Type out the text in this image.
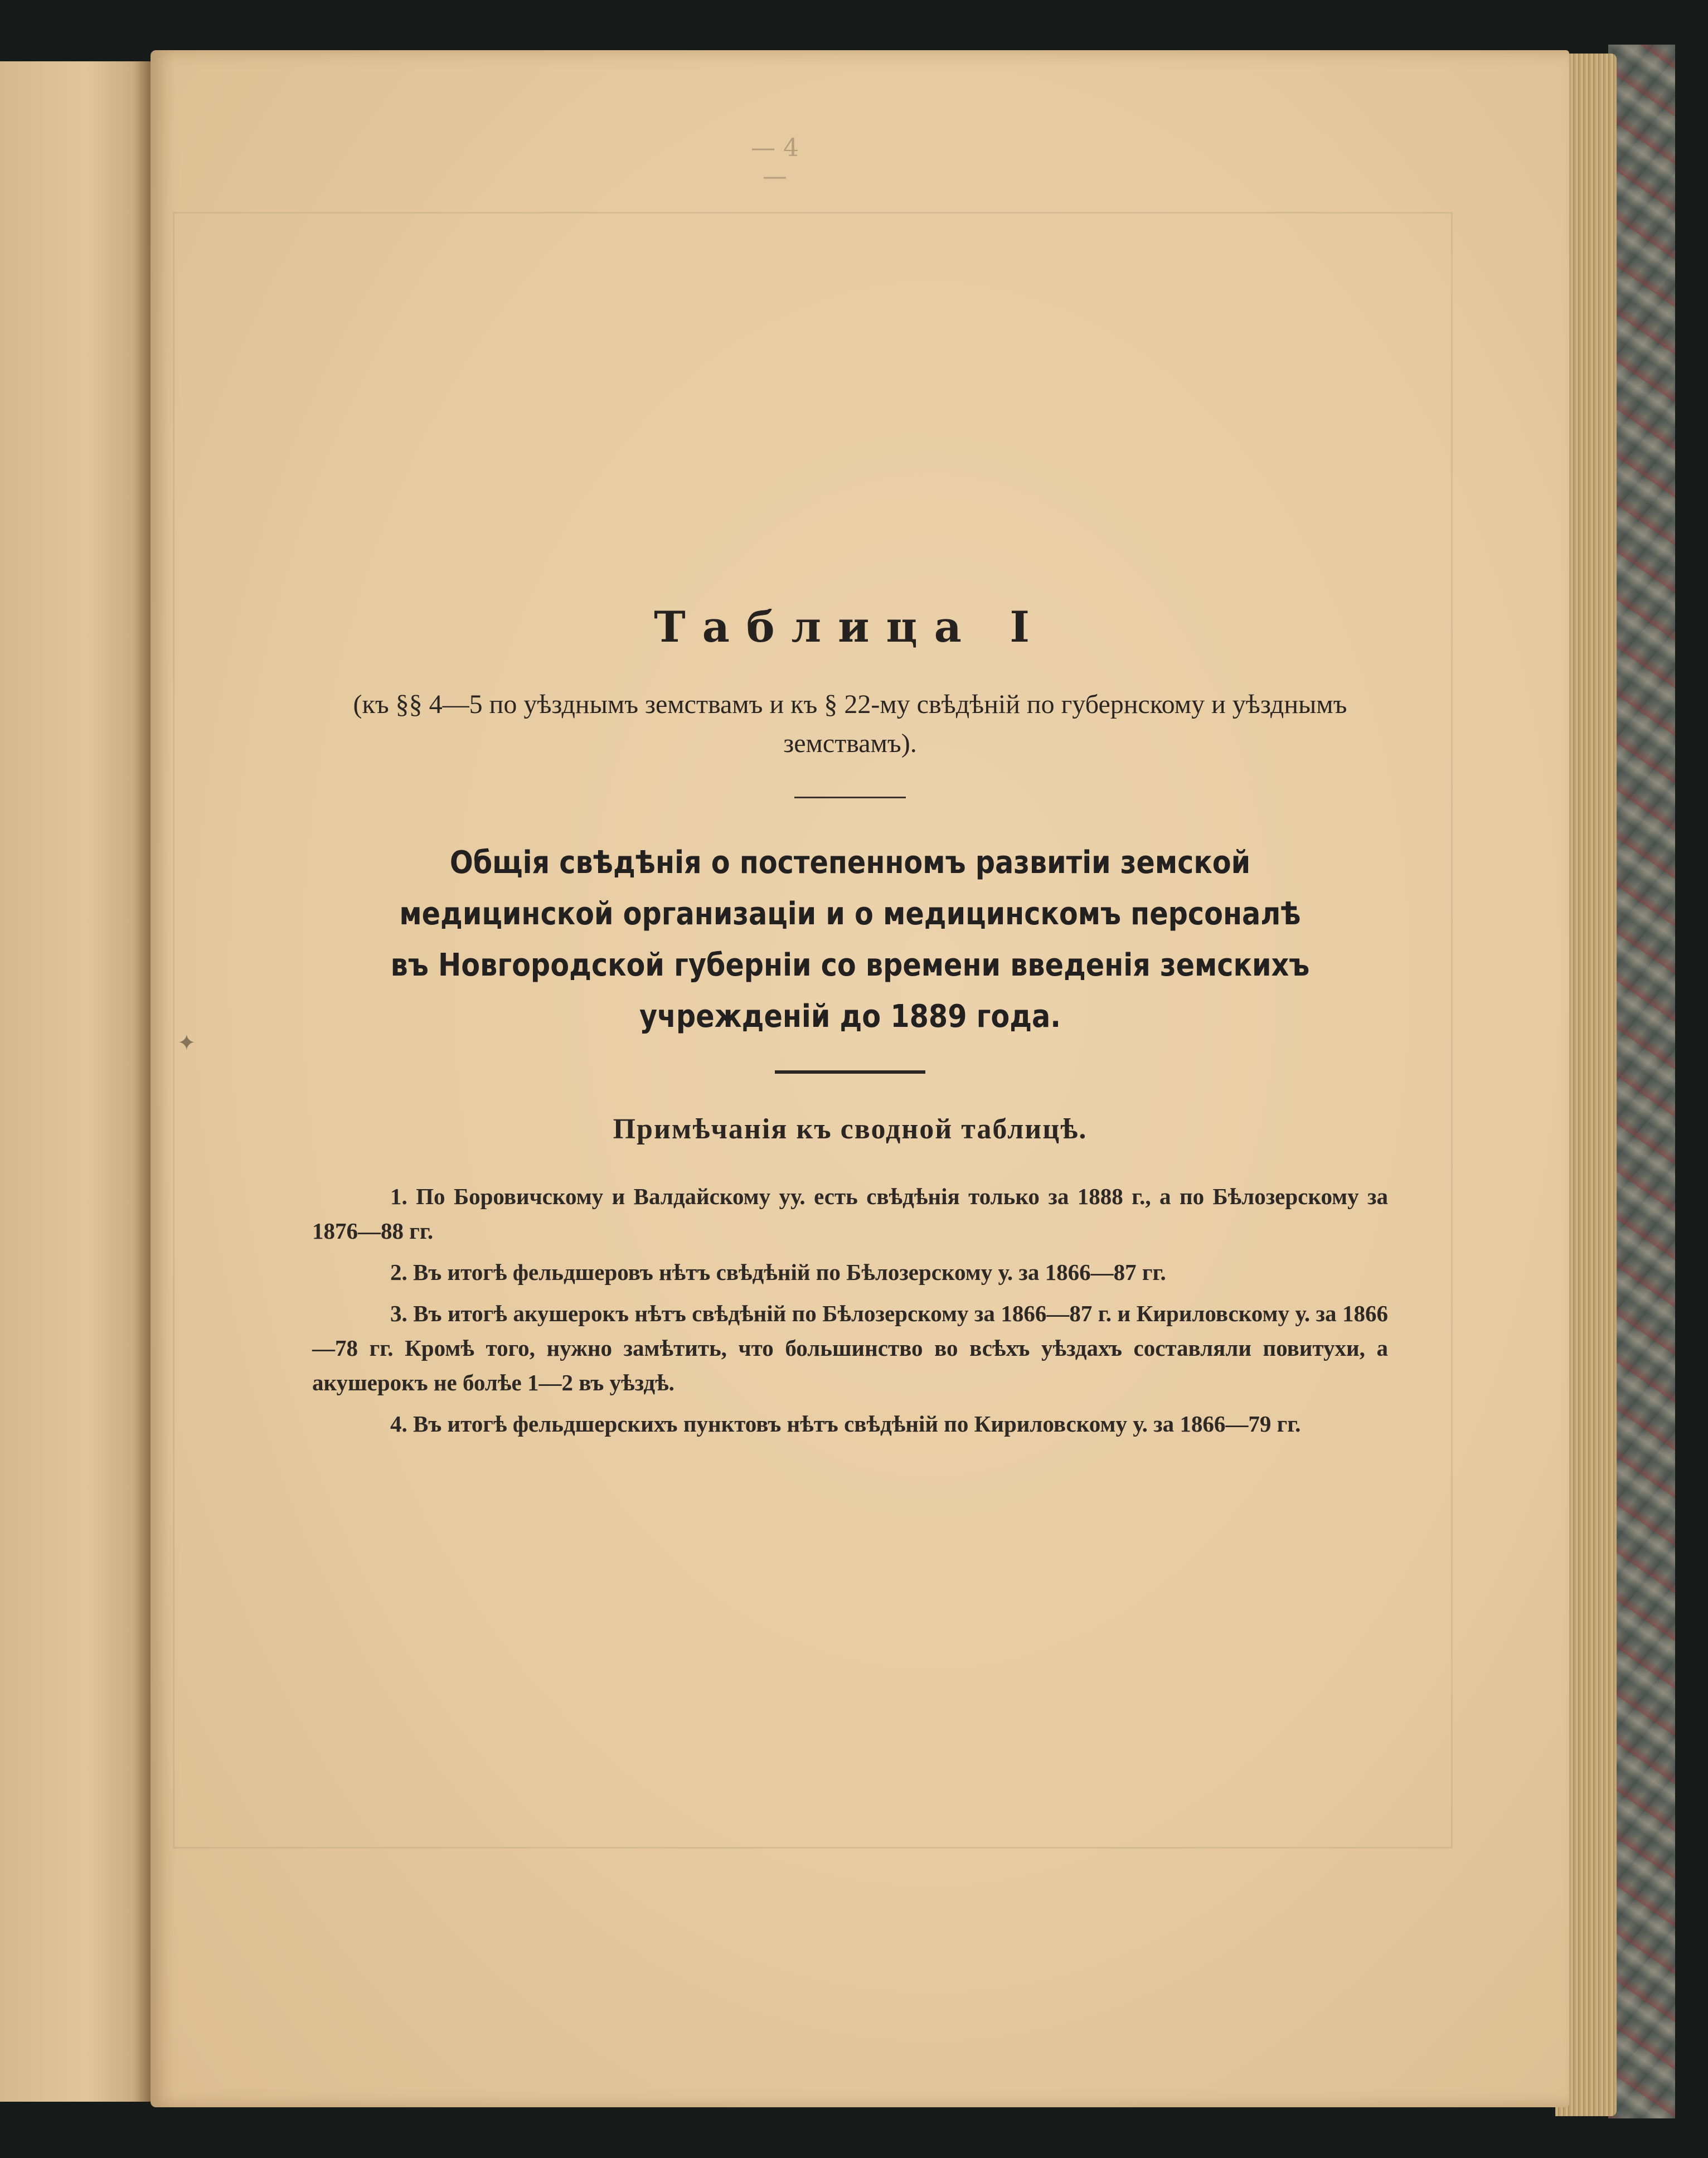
— 4 —
✦
Таблица I

(къ §§ 4—5 по уѣзднымъ земствамъ и къ § 22-му свѣдѣній по губернскому и уѣзднымъ земствамъ).

Общія свѣдѣнія о постепенномъ развитіи земской медицинской организаціи и о медицинскомъ персоналѣ въ Новгородской губерніи со времени введенія земскихъ учрежденій до 1889 года.
Примѣчанія къ сводной таблицѣ.

1. По Боровичскому и Валдайскому уу. есть свѣдѣнія только за 1888 г., а по Бѣлозерскому за 1876—88 гг.

2. Въ итогѣ фельдшеровъ нѣтъ свѣдѣній по Бѣлозерскому у. за 1866—87 гг.

3. Въ итогѣ акушерокъ нѣтъ свѣдѣній по Бѣлозерскому за 1866—87 г. и Кириловскому у. за 1866—78 гг. Кромѣ того, нужно замѣтить, что большинство во всѣхъ уѣздахъ составляли повитухи, а акушерокъ не болѣе 1—2 въ уѣздѣ.

4. Въ итогѣ фельдшерскихъ пунктовъ нѣтъ свѣдѣній по Кириловскому у. за 1866—79 гг.
